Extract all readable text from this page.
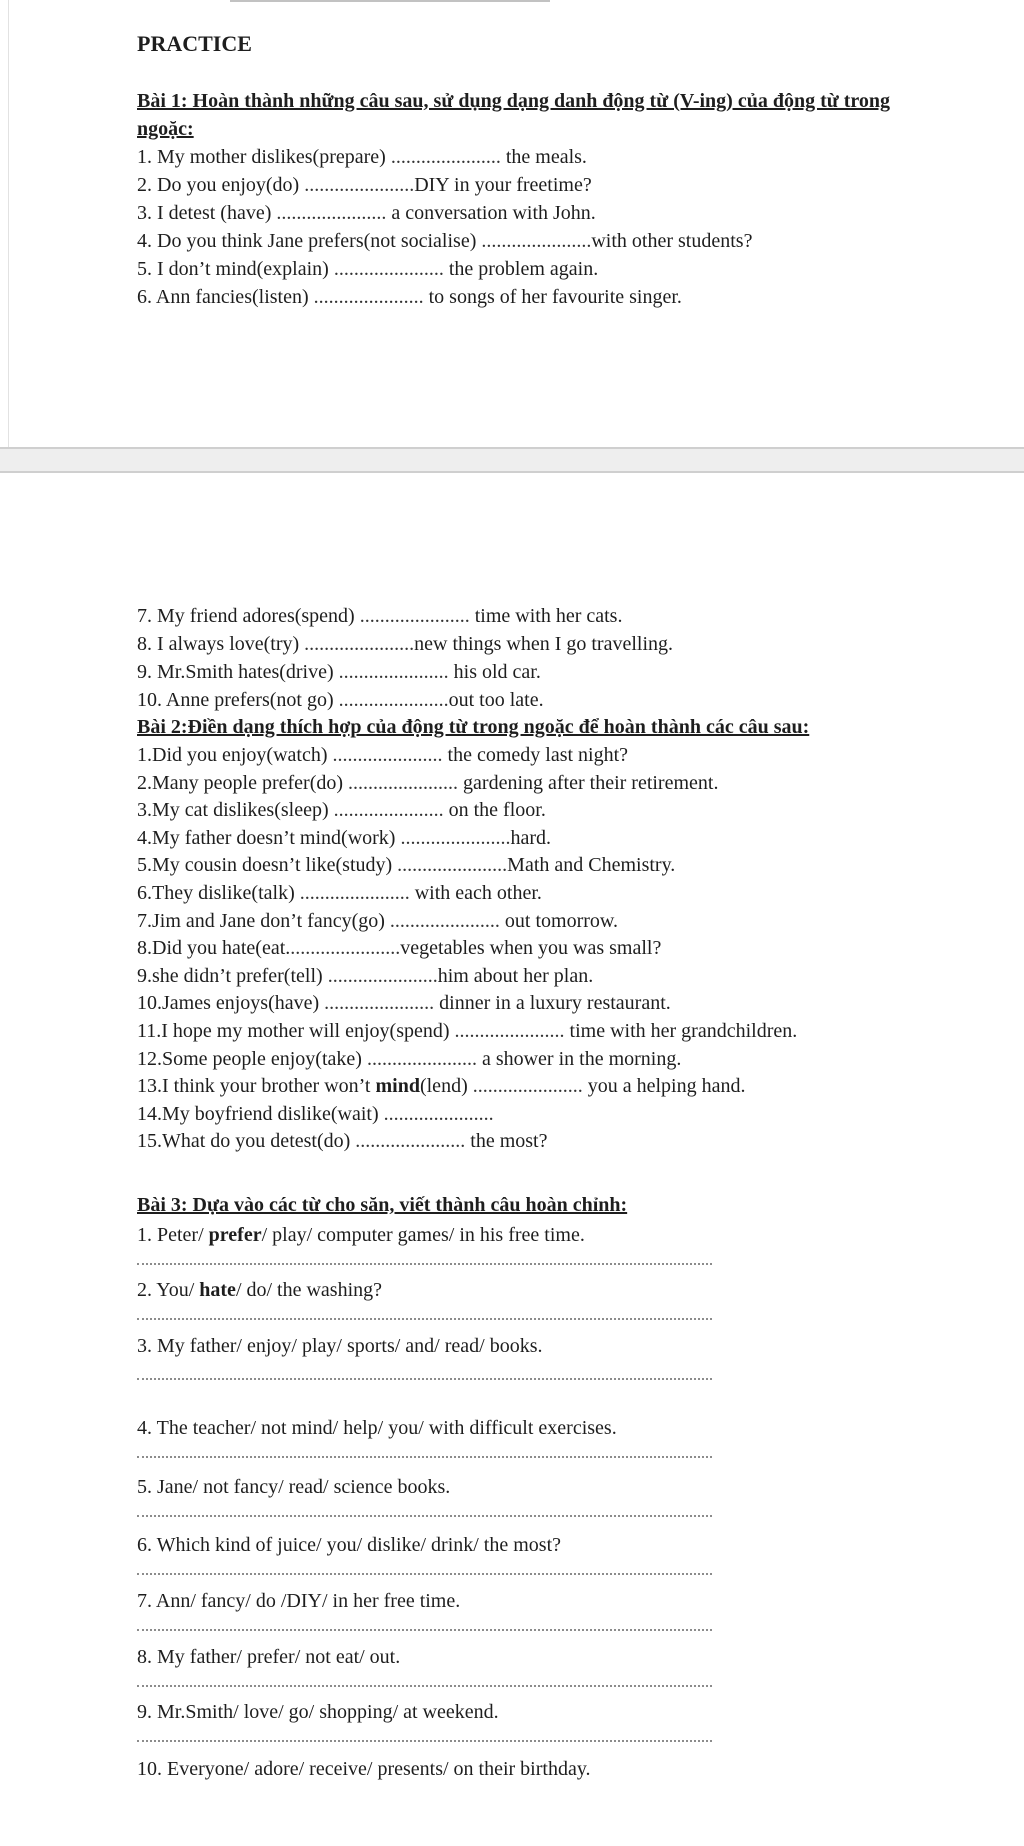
PRACTICE
Bài 1: Hoàn thành những câu sau, sử dụng dạng danh động từ (V-ing) của động từ trong
ngoặc:
1. My mother dislikes(prepare) ...................... the meals.
2. Do you enjoy(do) ......................DIY in your freetime?
3. I detest (have) ...................... a conversation with John.
4. Do you think Jane prefers(not socialise) ......................with other students?
5. I don’t mind(explain) ...................... the problem again.
6. Ann fancies(listen) ...................... to songs of her favourite singer.
7. My friend adores(spend) ...................... time with her cats.
8. I always love(try) ......................new things when I go travelling.
9. Mr.Smith hates(drive) ...................... his old car.
10. Anne prefers(not go) ......................out too late.
Bài 2:Điền dạng thích hợp của động từ trong ngoặc để hoàn thành các câu sau:
1.Did you enjoy(watch) ...................... the comedy last night?
2.Many people prefer(do) ...................... gardening after their retirement.
3.My cat dislikes(sleep) ...................... on the floor.
4.My father doesn’t mind(work) ......................hard.
5.My cousin doesn’t like(study) ......................Math and Chemistry.
6.They dislike(talk) ...................... with each other.
7.Jim and Jane don’t fancy(go) ...................... out tomorrow.
8.Did you hate(eat.......................vegetables when you was small?
9.she didn’t prefer(tell) ......................him about her plan.
10.James enjoys(have) ...................... dinner in a luxury restaurant.
11.I hope my mother will enjoy(spend) ...................... time with her grandchildren.
12.Some people enjoy(take) ...................... a shower in the morning.
13.I think your brother won’t mind(lend) ...................... you a helping hand.
14.My boyfriend dislike(wait) ......................
15.What do you detest(do) ...................... the most?
Bài 3: Dựa vào các từ cho săn, viết thành câu hoàn chỉnh:
1. Peter/ prefer/ play/ computer games/ in his free time.
2. You/ hate/ do/ the washing?
3. My father/ enjoy/ play/ sports/ and/ read/ books.
4. The teacher/ not mind/ help/ you/ with difficult exercises.
5. Jane/ not fancy/ read/ science books.
6. Which kind of juice/ you/ dislike/ drink/ the most?
7. Ann/ fancy/ do /DIY/ in her free time.
8. My father/ prefer/ not eat/ out.
9. Mr.Smith/ love/ go/ shopping/ at weekend.
10. Everyone/ adore/ receive/ presents/ on their birthday.
